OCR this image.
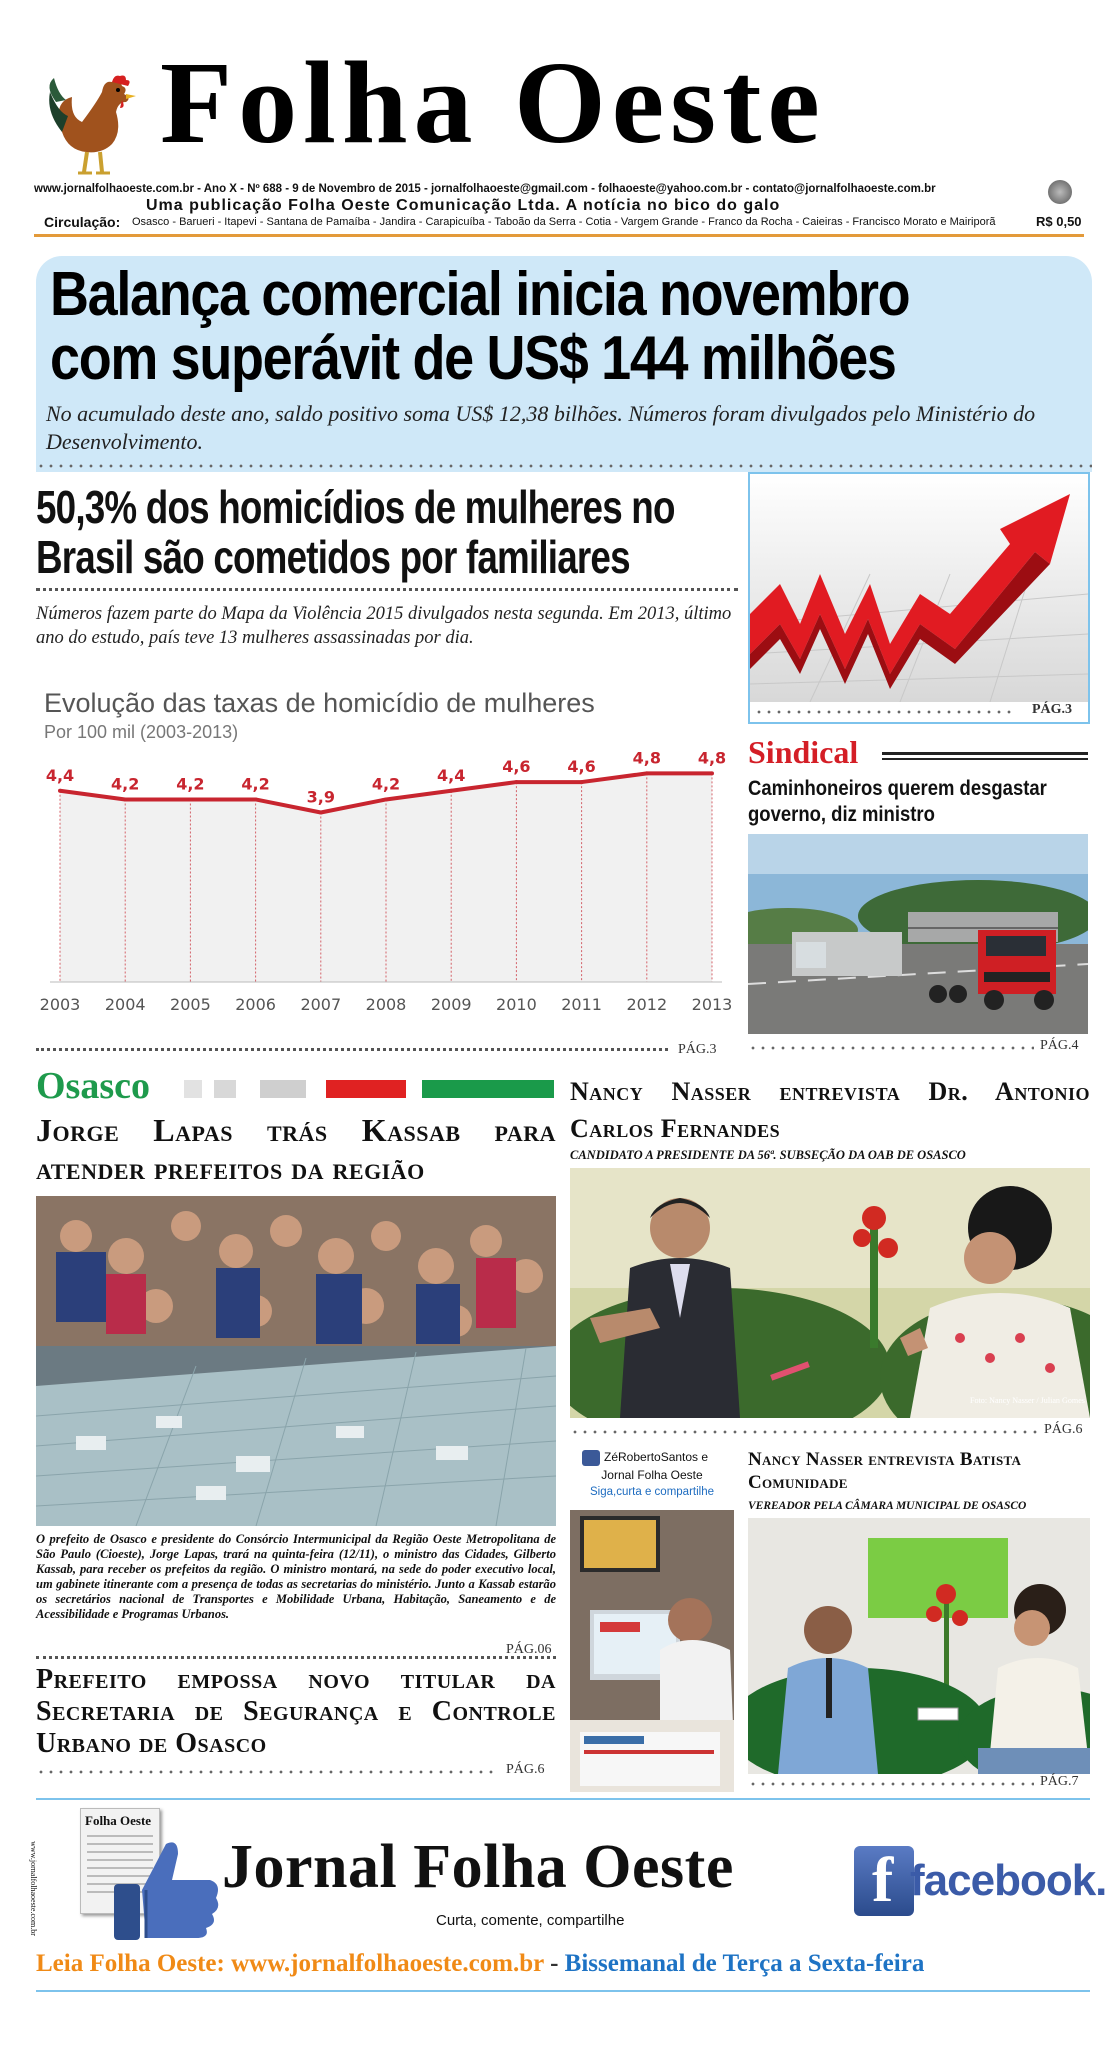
Folha Oeste
www.jornalfolhaoeste.com.br - Ano X - Nº 688 - 9 de Novembro de 2015 - jornalfolhaoeste@gmail.com - folhaoeste@yahoo.com.br - contato@jornalfolhaoeste.com.br
Uma publicação Folha Oeste Comunicação Ltda. A notícia no bico do galo
Circulação: Osasco - Barueri - Itapevi - Santana de Pamaíba - Jandira - Carapicuíba - Taboão da Serra - Cotia - Vargem Grande - Franco da Rocha - Caieiras - Francisco Morato e Mairiporã	R$ 0,50
Balança comercial inicia novembro
com superávit de US$ 144 milhões
No acumulado deste ano, saldo positivo soma US$ 12,38 bilhões. Números foram divulgados pelo Ministério do Desenvolvimento.
50,3% dos homicídios de mulheres no
Brasil são cometidos por familiares
Números fazem parte do Mapa da Violência 2015 divulgados nesta segunda. Em 2013, último ano do estudo, país teve 13 mulheres assassinadas por dia.
Evolução das taxas de homicídio de mulheres
Por 100 mil (2003-2013)
4,4
2003
4,2
2004
4,2
2005
4,2
2006
3,9
2007
4,2
2008
4,4
2009
4,6
2010
4,6
2011
4,8
2012
4,8
2013
PÁG.3
PÁG.3
Sindical
Caminhoneiros querem desgastar governo, diz ministro
PÁG.4
Osasco
Jorge Lapas trás Kassab para atender prefeitos da região
O prefeito de Osasco e presidente do Consórcio Intermunicipal da Região Oeste Metropolitana de São Paulo (Cioeste), Jorge Lapas, trará na quinta-feira (12/11), o ministro das Cidades, Gilberto Kassab, para receber os prefeitos da região. O ministro montará, na sede do poder executivo local, um gabinete itinerante com a presença de todas as secretarias do ministério. Junto a Kassab estarão os secretários nacional de Transportes e Mobilidade Urbana, Habitação, Saneamento e de Acessibilidade e Programas Urbanos.
PÁG.06
Prefeito empossa novo titular da Secretaria de Segurança e Controle Urbano de Osasco
PÁG.6
Nancy Nasser entrevista Dr. Antonio Carlos Fernandes
CANDIDATO A PRESIDENTE DA 56ª. SUBSEÇÃO DA OAB DE OSASCO
Foto: Nancy Nasser / Julian Gomes
PÁG.6
ZéRobertoSantos e
Jornal Folha Oeste
Siga,curta e compartilhe
Nancy Nasser entrevista Batista Comunidade
VEREADOR PELA CÂMARA MUNICIPAL DE OSASCO
PÁG.7
www.jornalfolhaoeste.com.br
Folha Oeste
Jornal Folha Oeste
Curta, comente, compartilhe
f facebook.
Leia Folha Oeste: www.jornalfolhaoeste.com.br - Bissemanal de Terça a Sexta-feira
